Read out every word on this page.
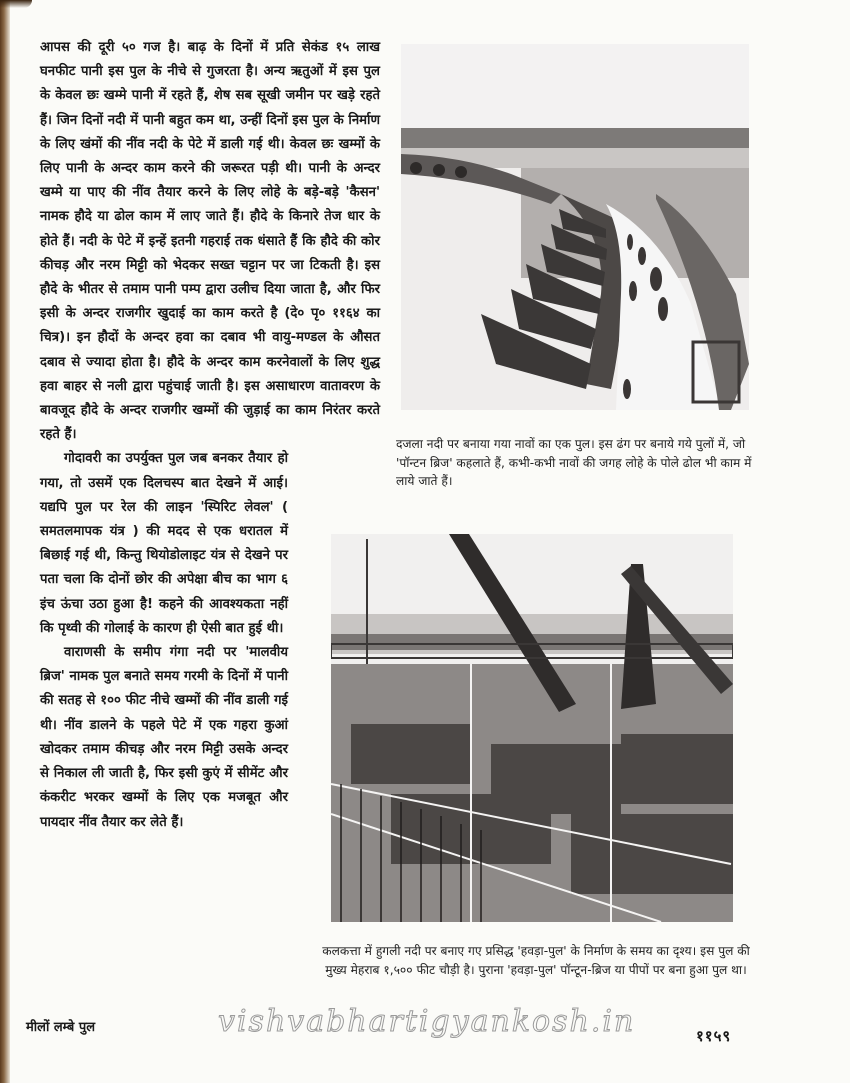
आपस की दूरी ५० गज है। बाढ़ के दिनों में प्रति सेकंड १५ लाख घनफीट पानी इस पुल के नीचे से गुजरता है। अन्य ऋतुओं में इस पुल के केवल छः खम्मे पानी में रहते हैं, शेष सब सूखी जमीन पर खड़े रहते हैं। जिन दिनों नदी में पानी बहुत कम था, उन्हीं दिनों इस पुल के निर्माण के लिए खंमों की नींव नदी के पेटे में डाली गई थी। केवल छः खम्मों के लिए पानी के अन्दर काम करने की जरूरत पड़ी थी। पानी के अन्दर खम्मे या पाए की नींव तैयार करने के लिए लोहे के बड़े-बड़े 'कैसन' नामक हौदे या ढोल काम में लाए जाते हैं। हौदे के किनारे तेज धार के होते हैं। नदी के पेटे में इन्हें इतनी गहराई तक धंसाते हैं कि हौदे की कोर कीचड़ और नरम मिट्टी को भेदकर सख्त चट्टान पर जा टिकती है। इस हौदे के भीतर से तमाम पानी पम्प द्वारा उलीच दिया जाता है, और फिर इसी के अन्दर राजगीर खुदाई का काम करते है (दे० पृ० ११६४ का चित्र)। इन हौदों के अन्दर हवा का दबाव भी वायु-मण्डल के औसत दबाव से ज्यादा होता है। हौदे के अन्दर काम करनेवालों के लिए शुद्ध हवा बाहर से नली द्वारा पहुंचाई जाती है। इस असाधारण वातावरण के बावजूद हौदे के अन्दर राजगीर खम्मों की जुड़ाई का काम निरंतर करते रहते हैं।

गोदावरी का उपर्युक्त पुल जब बनकर तैयार हो गया, तो उसमें एक दिलचस्प बात देखने में आई। यद्यपि पुल पर रेल की लाइन 'स्पिरिट लेवल' ( समतलमापक यंत्र ) की मदद से एक धरातल में बिछाई गई थी, किन्तु थियोडोलाइट यंत्र से देखने पर पता चला कि दोनों छोर की अपेक्षा बीच का भाग ६ इंच ऊंचा उठा हुआ है! कहने की आवश्यकता नहीं कि पृथ्वी की गोलाई के कारण ही ऐसी बात हुई थी।

वाराणसी के समीप गंगा नदी पर 'मालवीय ब्रिज' नामक पुल बनाते समय गरमी के दिनों में पानी की सतह से १०० फीट नीचे खम्मों की नींव डाली गई थी। नींव डालने के पहले पेटे में एक गहरा कुआं खोदकर तमाम कीचड़ और नरम मिट्टी उसके अन्दर से निकाल ली जाती है, फिर इसी कुएं में सीमेंट और कंकरीट भरकर खम्मों के लिए एक मजबूत और पायदार नींव तैयार कर लेते हैं।

दजला नदी पर बनाया गया नावों का एक पुल। इस ढंग पर बनाये गये पुलों में, जो 'पॉन्टन ब्रिज' कहलाते हैं, कभी-कभी नावों की जगह लोहे के पोले ढोल भी काम में लाये जाते हैं।
कलकत्ता में हुगली नदी पर बनाए गए प्रसिद्ध 'हवड़ा-पुल' के निर्माण के समय का दृश्य। इस पुल की मुख्य मेहराब १,५०० फीट चौड़ी है। पुराना 'हवड़ा-पुल' पॉन्टून-ब्रिज या पीपों पर बना हुआ पुल था।
मीलों लम्बे पुल	vishvabhartigyankosh.in	११५९
